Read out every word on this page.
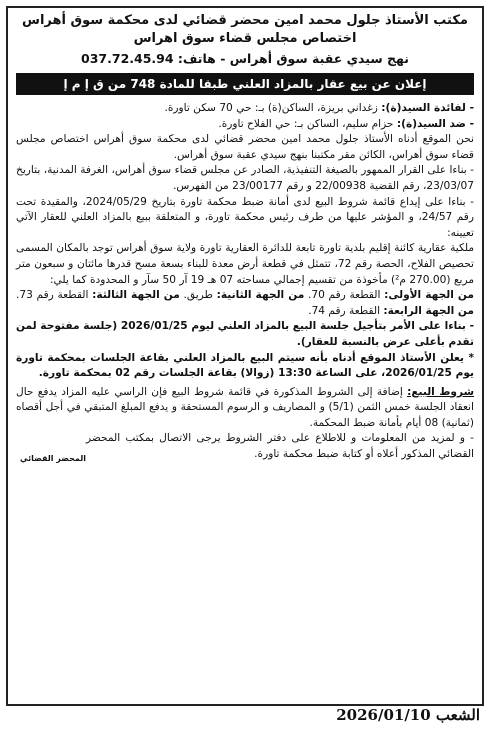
مكتب الأستاذ جلول محمد امين محضر قضائي لدى محكمة سوق أهراس
اختصاص مجلس قضاء سوق اهراس
نهج سيدي عقبة سوق أهراس - هاتف: 037.72.45.94
إعلان عن بيع عقار بالمزاد العلني طبقا للمادة 748 من ق إ م إ

- لفائدة السيد(ة): زغداني بريزة، الساكن(ة) بـ: حي 70 سكن تاورة.

- ضد السيد(ة): حزام سليم، الساكن بـ: حي الفلاح تاورة.

نحن الموقع أدناه الأستاذ جلول محمد امين محضر قضائي لدى محكمة سوق أهراس اختصاص مجلس قضاء سوق أهراس، الكائن مقر مكتبنا بنهج سيدي عقبة سوق أهراس.

- بناءا على القرار الممهور بالصيغة التنفيذية، الصادر عن مجلس قضاء سوق أهراس، الغرفة المدنية، بتاريخ 23/03/07، رقم القضية 22/00938 و رقم 23/00177 من الفهرس.

- بناءا على إيداع قائمة شروط البيع لدى أمانة ضبط محكمة تاورة بتاريخ 2024/05/29، والمقيدة تحت رقم 24/57، و المؤشر عليها من طرف رئيس محكمة تاورة، و المتعلقة ببيع بالمزاد العلني للعقار الآتي تعيينه:

ملكية عقارية كائنة إقليم بلدية تاورة تابعة للدائرة العقارية تاورة ولاية سوق أهراس توجد بالمكان المسمى تحصيص الفلاح، الحصة رقم 72، تتمثل في قطعة أرض معدة للبناء بسعة مسح قدرها مائتان و سبعون متر مربع (270.00 م²) مأخوذة من تقسيم إجمالي مساحته 07 هـ 19 آر 50 سآر و المحدودة كما يلي:

من الجهة الأولى: القطعة رقم 70. من الجهة الثانية: طريق. من الجهة الثالثة: القطعة رقم 73. من الجهة الرابعة: القطعة رقم 74.

- بناءا على الأمر بتأجيل جلسة البيع بالمزاد العلني ليوم 2026/01/25 (جلسة مفتوحة لمن تقدم بأعلى عرض بالنسبة للعقار).

* يعلن الأستاذ الموقع أدناه بأنه سيتم البيع بالمزاد العلني بقاعة الجلسات بمحكمة تاورة يوم 2026/01/25، على الساعة 13:30 (زوالا) بقاعة الجلسات رقم 02 بمحكمة تاورة.

شروط البيع: إضافة إلى الشروط المذكورة في قائمة شروط البيع فإن الراسي عليه المزاد يدفع حال انعقاد الجلسة خمس الثمن (5/1) و المصاريف و الرسوم المستحقة و يدفع المبلغ المتبقي في أجل أقصاه (ثمانية) 08 أيام بأمانة ضبط المحكمة.

- و لمزيد من المعلومات و للاطلاع على دفتر الشروط يرجى الاتصال بمكتب المحضر القضائي المذكور أعلاه أو كتابة ضبط محكمة تاورة.

المحضر القضائي
الشعب 2026/01/10
